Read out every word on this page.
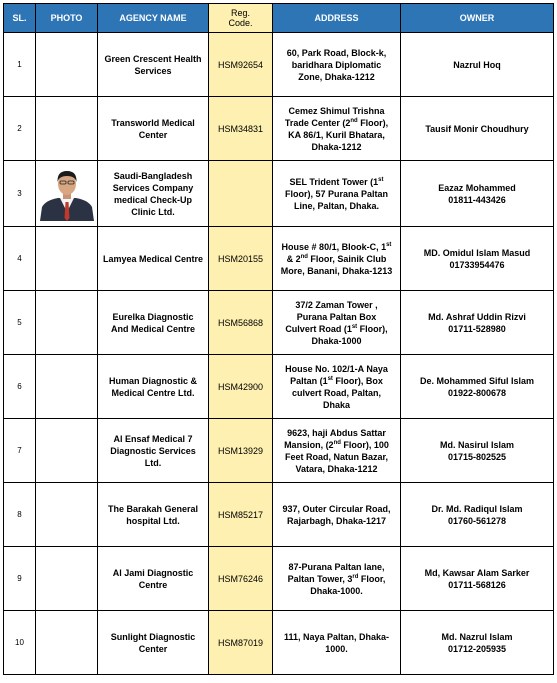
SL.	PHOTO	AGENCY NAME	Reg.
Code.	ADDRESS	OWNER
1		Green Crescent Health
Services	HSM92654	60, Park Road, Block-k,
baridhara Diplomatic
Zone, Dhaka-1212	Nazrul Hoq
2		Transworld Medical
Center	HSM34831	Cemez Shimul Trishna
Trade Center (2nd Floor),
KA 86/1, Kuril Bhatara,
Dhaka-1212	Tausif Monir Choudhury
3		Saudi-Bangladesh
Services Company
medical Check-Up
Clinic Ltd.		SEL Trident Tower (1st
Floor), 57 Purana Paltan
Line, Paltan, Dhaka.	Eazaz Mohammed
01811-443426
4		Lamyea Medical Centre	HSM20155	House # 80/1, Blook-C, 1st
& 2nd Floor, Sainik Club
More, Banani, Dhaka-1213	MD. Omidul Islam Masud
01733954476
5		Eurelka Diagnostic
And Medical Centre	HSM56868	37/2 Zaman Tower ,
Purana Paltan Box
Culvert Road (1st Floor),
Dhaka-1000	Md. Ashraf Uddin Rizvi
01711-528980
6		Human Diagnostic &
Medical Centre Ltd.	HSM42900	House No. 102/1-A Naya
Paltan (1st Floor), Box
culvert Road, Paltan,
Dhaka	De. Mohammed Siful Islam
01922-800678
7		Al Ensaf Medical 7
Diagnostic Services
Ltd.	HSM13929	9623, haji Abdus Sattar
Mansion, (2nd Floor), 100
Feet Road, Natun Bazar,
Vatara, Dhaka-1212	Md. Nasirul Islam
01715-802525
8		The Barakah General
hospital Ltd.	HSM85217	937, Outer Circular Road,
Rajarbagh, Dhaka-1217	Dr. Md. Radiqul Islam
01760-561278
9		Al Jami Diagnostic
Centre	HSM76246	87-Purana Paltan lane,
Paltan Tower, 3rd Floor,
Dhaka-1000.	Md, Kawsar Alam Sarker
01711-568126
10		Sunlight Diagnostic
Center	HSM87019	111, Naya Paltan, Dhaka-
1000.	Md. Nazrul Islam
01712-205935
